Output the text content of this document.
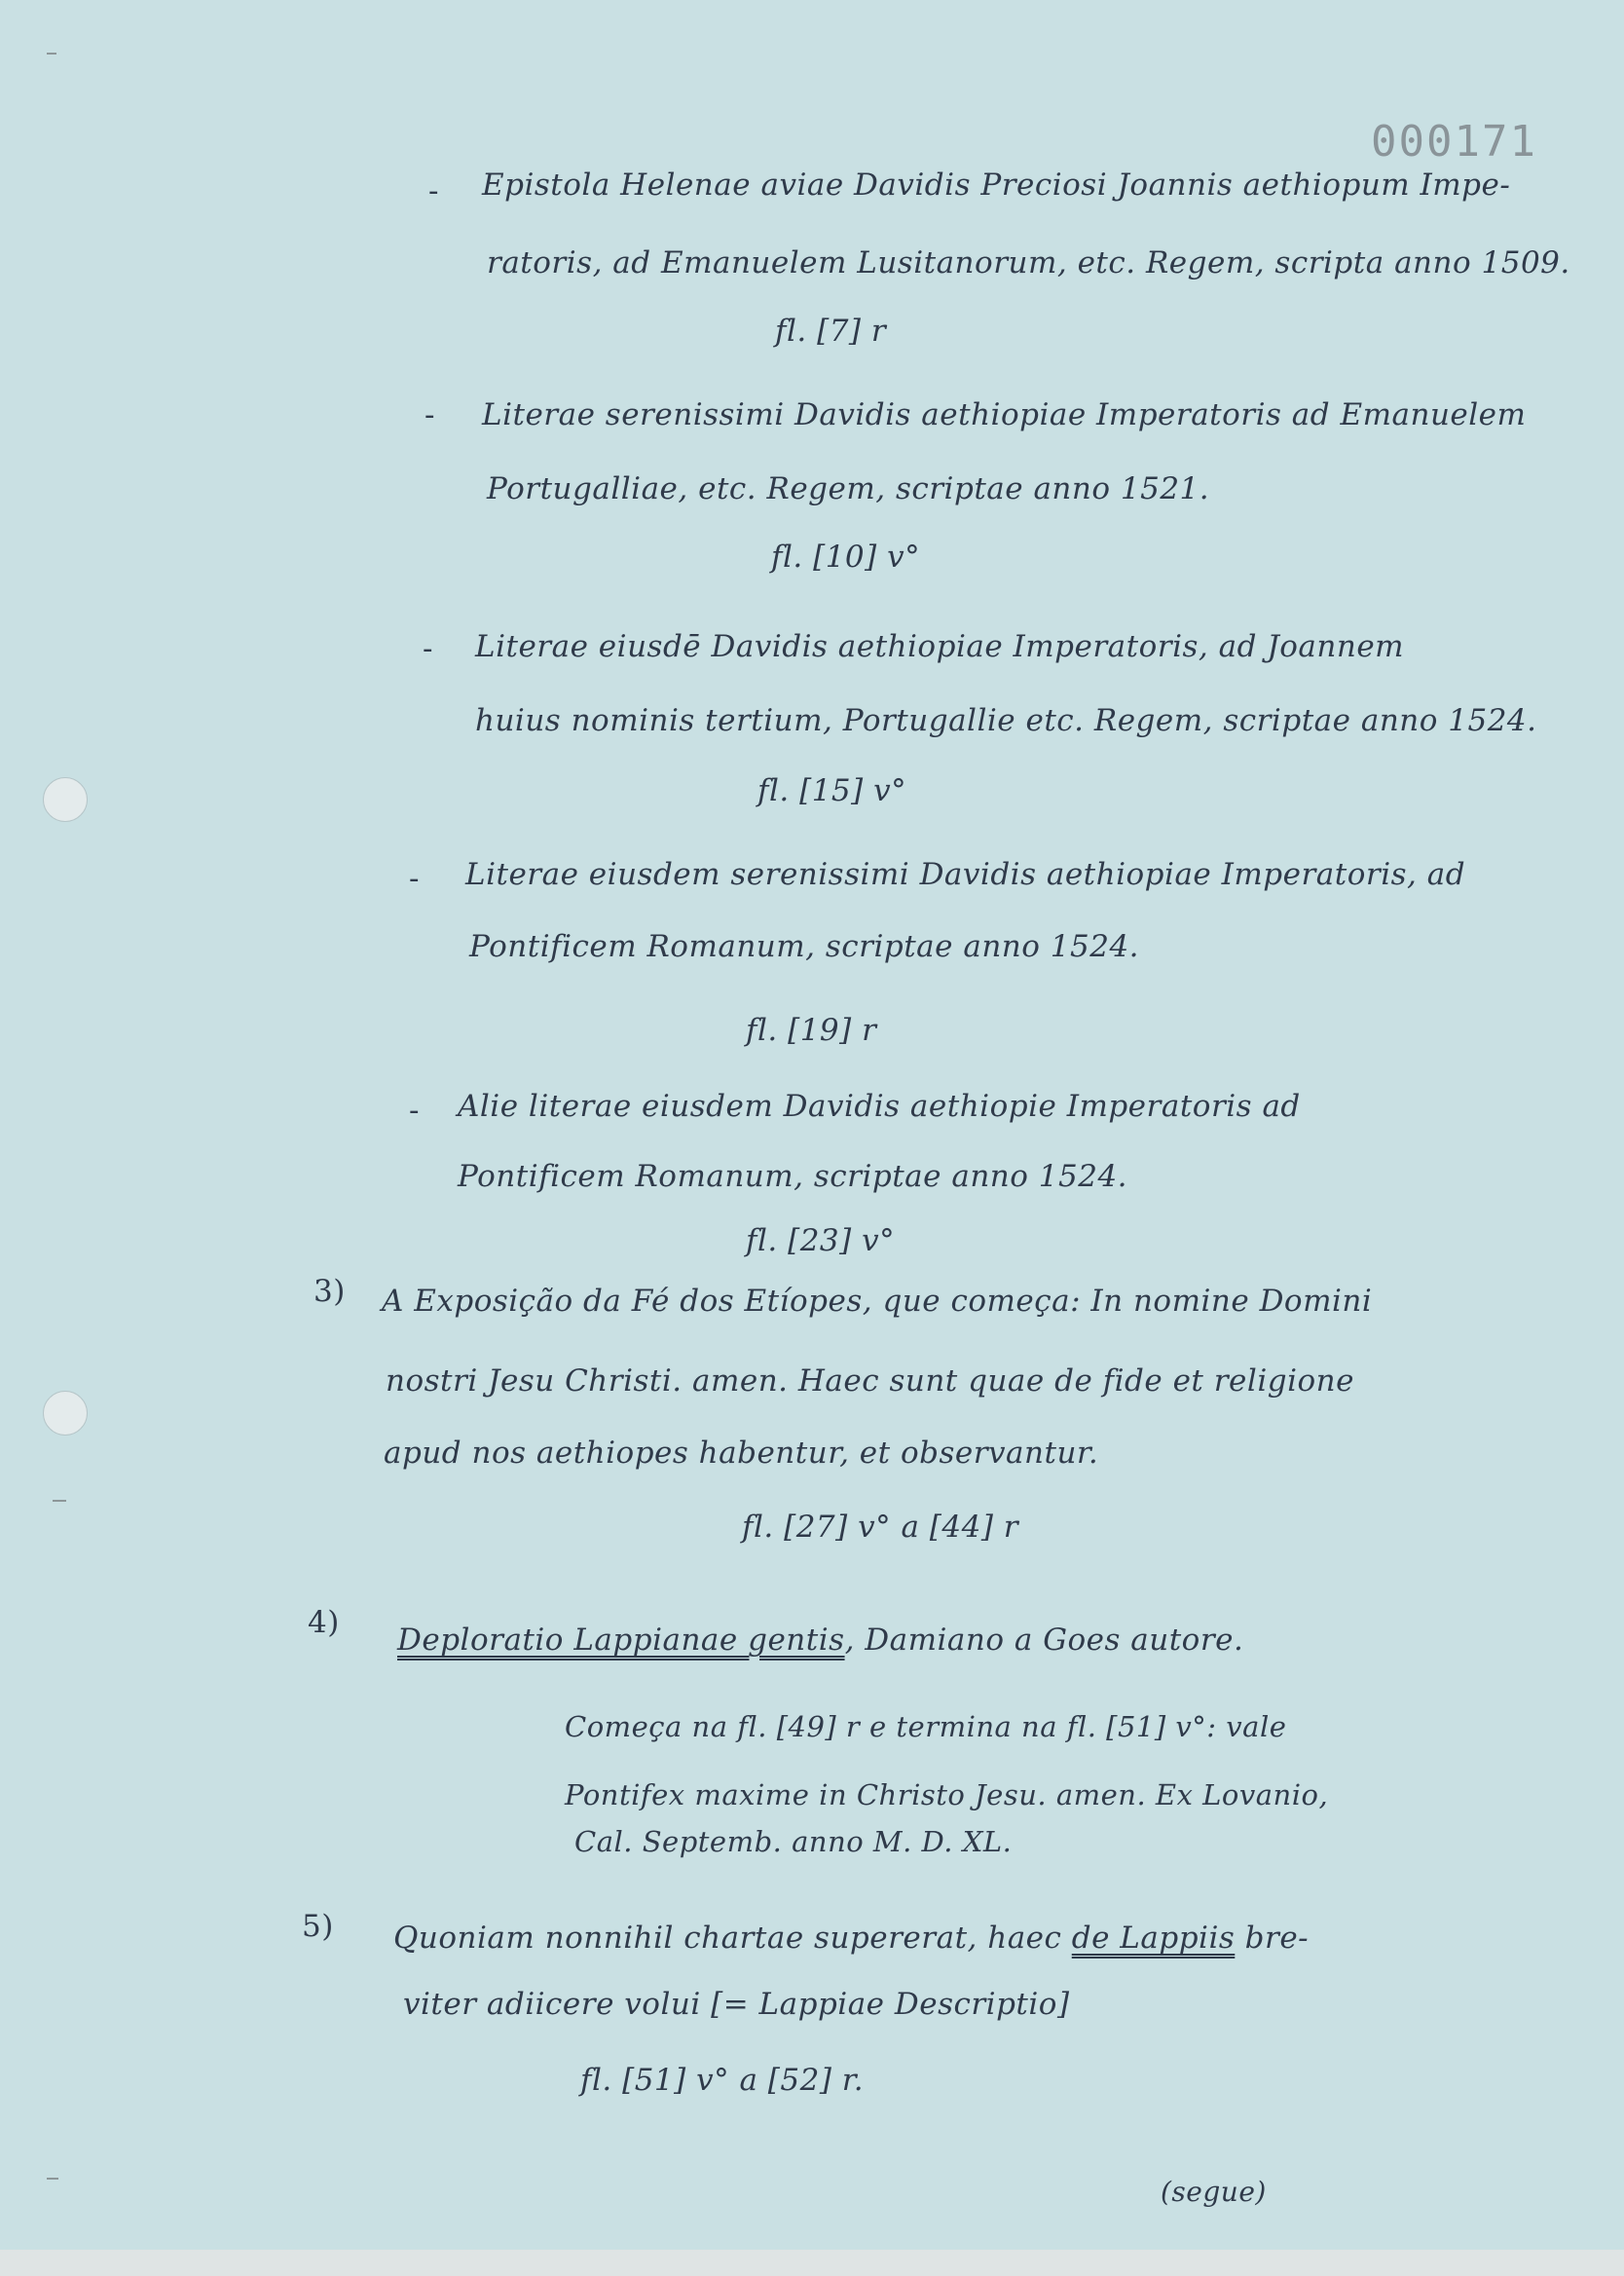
000171
- Epistola Helenae aviae Davidis Preciosi Joannis aethiopum Impe-
ratoris, ad Emanuelem Lusitanorum, etc. Regem, scripta anno 1509.
fl. [7] r
- Literae serenissimi Davidis aethiopiae Imperatoris ad Emanuelem
Portugalliae, etc. Regem, scriptae anno 1521.
fl. [10] v°
- Literae eiusdē Davidis aethiopiae Imperatoris, ad Joannem
huius nominis tertium, Portugallie etc. Regem, scriptae anno 1524.
fl. [15] v°
- Literae eiusdem serenissimi Davidis aethiopiae Imperatoris, ad
Pontificem Romanum, scriptae anno 1524.
fl. [19] r
- Alie literae eiusdem Davidis aethiopie Imperatoris ad
Pontificem Romanum, scriptae anno 1524.
fl. [23] v°
3) A Exposição da Fé dos Etíopes, que começa: In nomine Domini
nostri Jesu Christi. amen. Haec sunt quae de fide et religione
apud nos aethiopes habentur, et observantur.
fl. [27] v° a [44] r
4) Deploratio Lappianae gentis, Damiano a Goes autore.
Começa na fl. [49] r e termina na fl. [51] v°: vale
Pontifex maxime in Christo Jesu. amen. Ex Lovanio,
Cal. Septemb. anno M. D. XL.
5) Quoniam nonnihil chartae supererat, haec de Lappiis bre-
viter adiicere volui [= Lappiae Descriptio]
fl. [51] v° a [52] r.
(segue)
